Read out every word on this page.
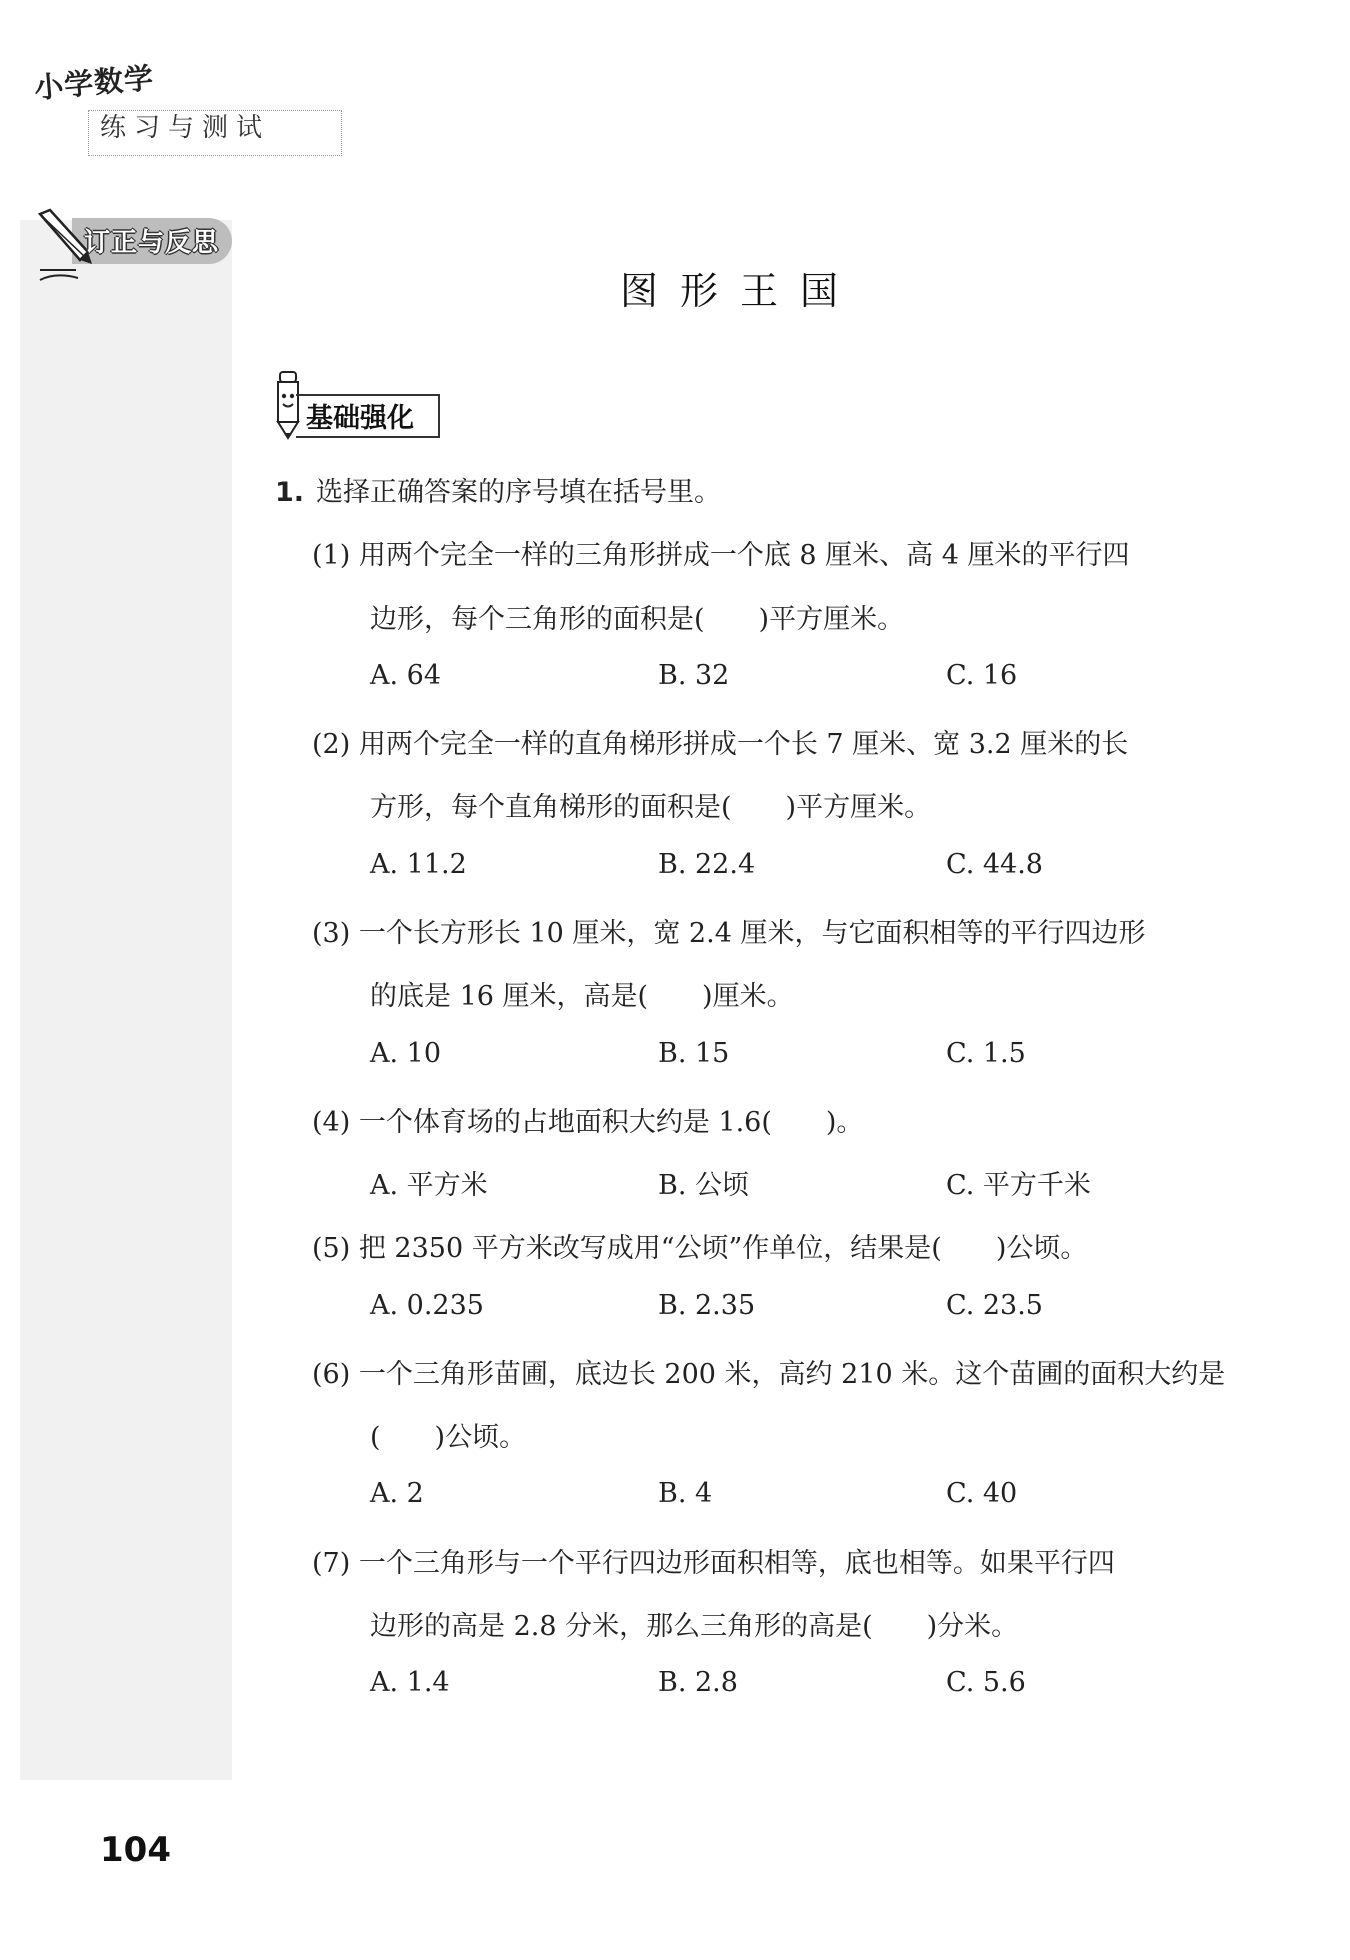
小学数学
练习与测试
订正与反思
图形王国
基础强化
1. 选择正确答案的序号填在括号里。
(1) 用两个完全一样的三角形拼成一个底 8 厘米、高 4 厘米的平行四
边形，每个三角形的面积是(　　)平方厘米。
A. 64	B. 32	C. 16
(2) 用两个完全一样的直角梯形拼成一个长 7 厘米、宽 3.2 厘米的长
方形，每个直角梯形的面积是(　　)平方厘米。
A. 11.2	B. 22.4	C. 44.8
(3) 一个长方形长 10 厘米，宽 2.4 厘米，与它面积相等的平行四边形
的底是 16 厘米，高是(　　)厘米。
A. 10	B. 15	C. 1.5
(4) 一个体育场的占地面积大约是 1.6(　　)。
A. 平方米	B. 公顷	C. 平方千米
(5) 把 2350 平方米改写成用“公顷”作单位，结果是(　　)公顷。
A. 0.235	B. 2.35	C. 23.5
(6) 一个三角形苗圃，底边长 200 米，高约 210 米。这个苗圃的面积大约是
(　　)公顷。
A. 2	B. 4	C. 40
(7) 一个三角形与一个平行四边形面积相等，底也相等。如果平行四
边形的高是 2.8 分米，那么三角形的高是(　　)分米。
A. 1.4	B. 2.8	C. 5.6
104
